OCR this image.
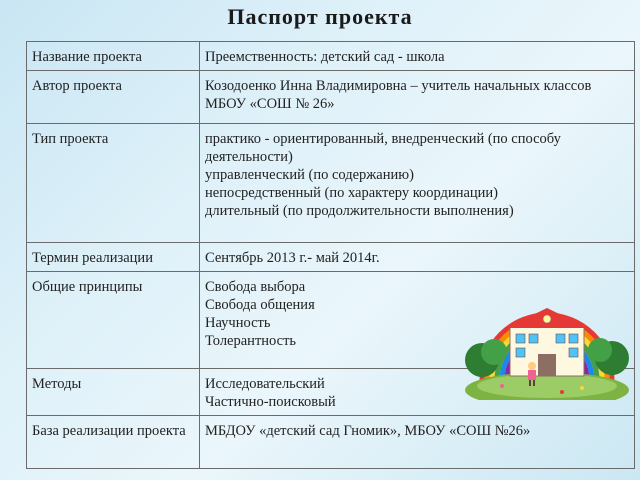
Паспорт проекта
Название проекта	Преемственность: детский сад - школа

Автор проекта	Козодоенко Инна Владимировна – учитель начальных классов МБОУ «СОШ № 26»

Тип проекта	практико - ориентированный, внедренческий (по способу деятельности)
управленческий (по содержанию)
непосредственный (по характеру координации)
длительный (по продолжительности выполнения)

Термин реализации	Сентябрь 2013 г.- май 2014г.

Общие принципы	Свобода выбора
Свобода общения
Научность
Толерантность

Методы	Исследовательский
Частично-поисковый

База реализации проекта	МБДОУ «детский сад Гномик», МБОУ «СОШ №26»
